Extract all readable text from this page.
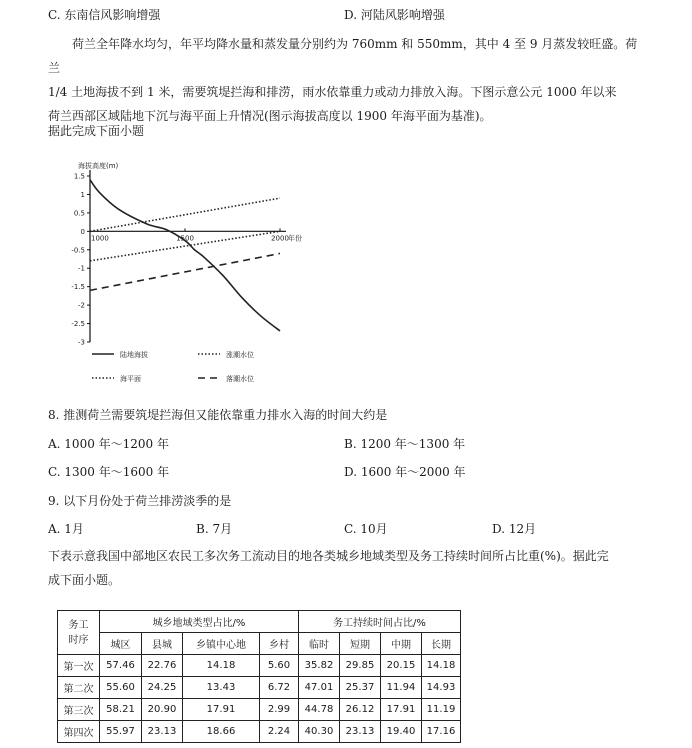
C. 东南信风影响增强	D. 河陆风影响增强

荷兰全年降水均匀，年平均降水量和蒸发量分别约为 760mm 和 550mm，其中 4 至 9 月蒸发较旺盛。荷兰

1/4 土地海拔不到 1 米，需要筑堤拦海和排涝，雨水依靠重力或动力排放入海。下图示意公元 1000 年以来

荷兰西部区域陆地下沉与海平面上升情况(图示海拔高度以 1900 年海平面为基准)。

据此完成下面小题
海拔高度(m)
1.5
1
0.5
0
-0.5
-1
-1.5
-2
-2.5
-3
1000	1500	2000 年份
陆地海拔	涨潮水位
海平面	落潮水位
8. 推测荷兰需要筑堤拦海但又能依靠重力排水入海的时间大约是
A. 1000 年～1200 年	B. 1200 年～1300 年
C. 1300 年～1600 年	D. 1600 年～2000 年
9. 以下月份处于荷兰排涝淡季的是
A. 1月	B. 7月	C. 10月	D. 12月

下表示意我国中部地区农民工多次务工流动目的地各类城乡地域类型及务工持续时间所占比重(%)。据此完

成下面小题。

务工
时序	城乡地域类型占比/%				务工持续时间占比/%			
	城区	县城	乡镇中心地	乡村	临时	短期	中期	长期
第一次	57.46	22.76	14.18	5.60	35.82	29.85	20.15	14.18
第二次	55.60	24.25	13.43	6.72	47.01	25.37	11.94	14.93
第三次	58.21	20.90	17.91	2.99	44.78	26.12	17.91	11.19
第四次	55.97	23.13	18.66	2.24	40.30	23.13	19.40	17.16
